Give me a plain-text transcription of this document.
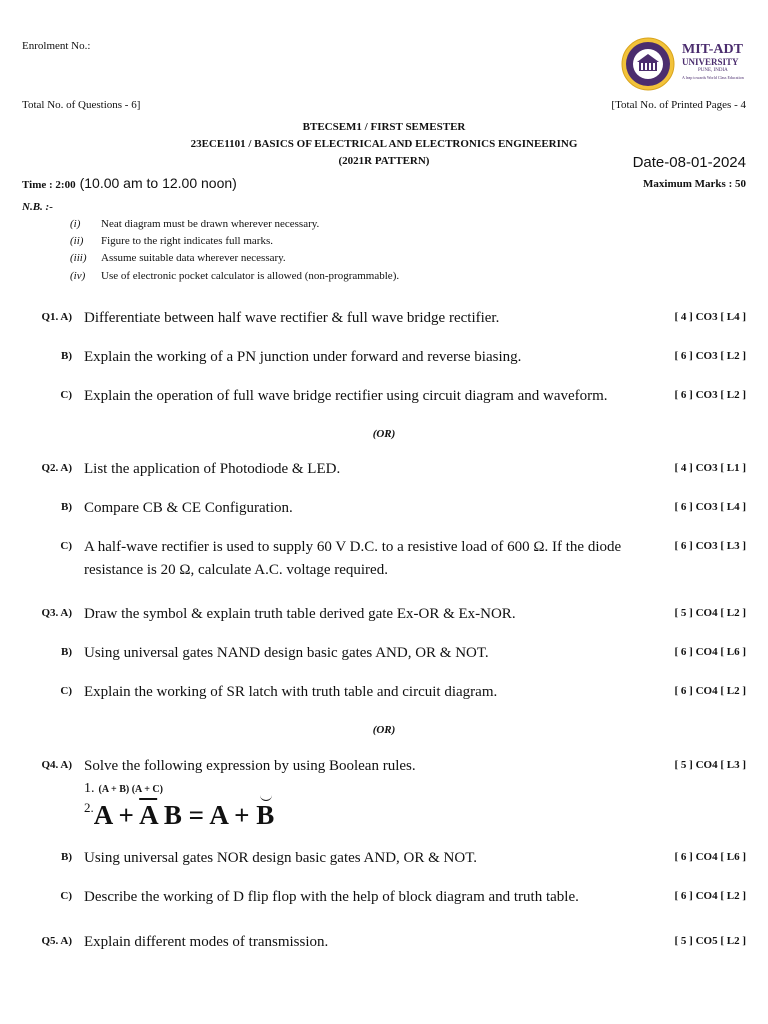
Enrolment No.:	MIT-ADT
UNIVERSITY
PUNE, INDIA
A leap towards World Class Education
Total No. of Questions - 6]	[Total No. of Printed Pages - 4
BTECSEM1 / FIRST SEMESTER
23ECE1101 / BASICS OF ELECTRICAL AND ELECTRONICS ENGINEERING
(2021R PATTERN)	Date-08-01-2024
Time : 2:00 (10.00 am to 12.00 noon)	Maximum Marks : 50
N.B. :-
(i) Neat diagram must be drawn wherever necessary.
(ii) Figure to the right indicates full marks.
(iii) Assume suitable data wherever necessary.
(iv) Use of electronic pocket calculator is allowed (non-programmable).
Q1. A) Differentiate between half wave rectifier & full wave bridge rectifier.	[ 4 ] CO3 [ L4 ]
B) Explain the working of a PN junction under forward and reverse biasing.	[ 6 ] CO3 [ L2 ]
C) Explain the operation of full wave bridge rectifier using circuit diagram and waveform.	[ 6 ] CO3 [ L2 ]
(OR)
Q2. A) List the application of Photodiode & LED.	[ 4 ] CO3 [ L1 ]
B) Compare CB & CE Configuration.	[ 6 ] CO3 [ L4 ]
C) A half-wave rectifier is used to supply 60 V D.C. to a resistive load of 600 Ω. If the diode resistance is 20 Ω, calculate A.C. voltage required.
[ 6 ] CO3 [ L3 ]
Q3. A) Draw the symbol & explain truth table derived gate Ex-OR & Ex-NOR.	[ 5 ] CO4 [ L2 ]
B) Using universal gates NAND design basic gates AND, OR & NOT.	[ 6 ] CO4 [ L6 ]
C) Explain the working of SR latch with truth table and circuit diagram.	[ 6 ] CO4 [ L2 ]
(OR)
Q4. A) Solve the following expression by using Boolean rules.	[ 5 ] CO4 [ L3 ]
1. (A + B) (A + C)
$^{2.}A + \overline{A}$ B = A + B
B) Using universal gates NOR design basic gates AND, OR & NOT.	[ 6 ] CO4 [ L6 ]
C) Describe the working of D flip flop with the help of block diagram and truth table.	[ 6 ] CO4 [ L2 ]
Q5. A) Explain different modes of transmission.	[ 5 ] CO5 [ L2 ]
